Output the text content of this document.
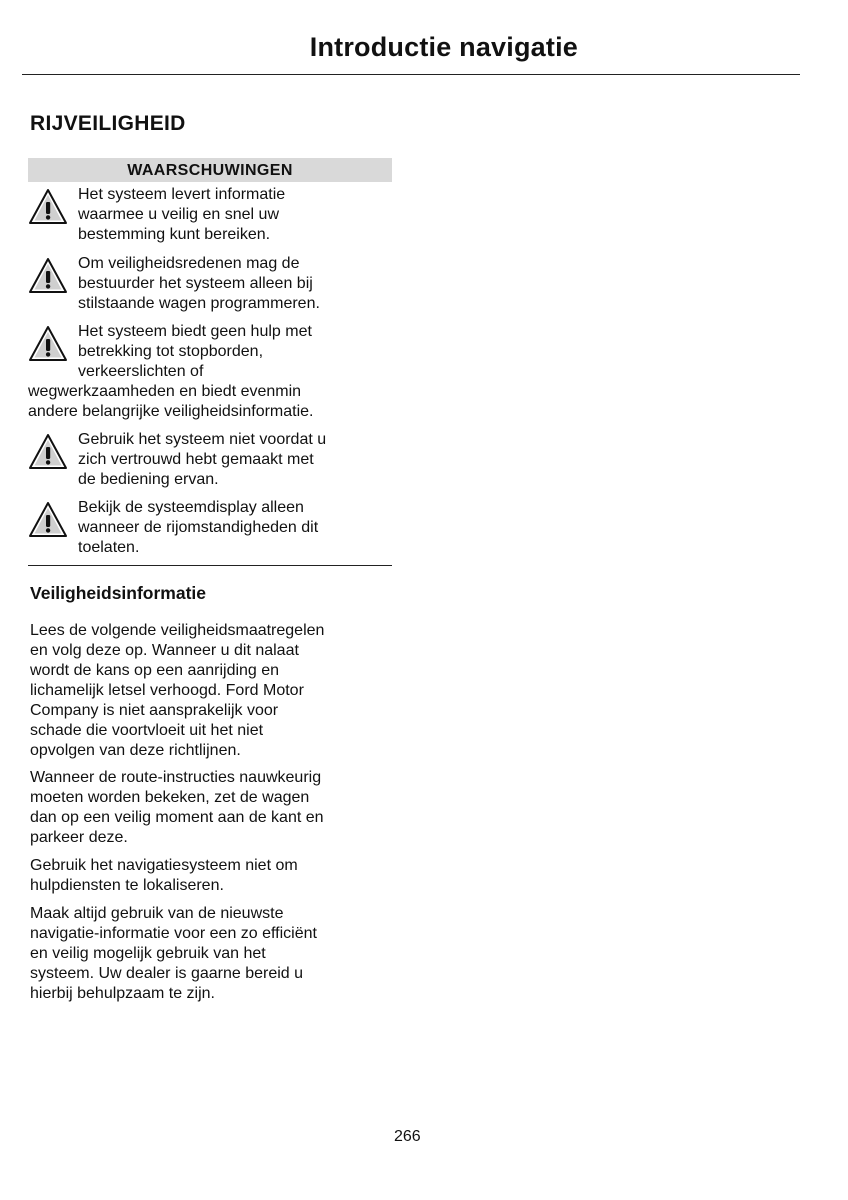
Introductie navigatie
RIJVEILIGHEID
WAARSCHUWINGEN

Het systeem levert informatie
waarmee u veilig en snel uw
bestemming kunt bereiken.

Om veiligheidsredenen mag de
bestuurder het systeem alleen bij
stilstaande wagen programmeren.

Het systeem biedt geen hulp met
betrekking tot stopborden,
verkeerslichten of
wegwerkzaamheden en biedt evenmin
andere belangrijke veiligheidsinformatie.

Gebruik het systeem niet voordat u
zich vertrouwd hebt gemaakt met
de bediening ervan.

Bekijk de systeemdisplay alleen
wanneer de rijomstandigheden dit
toelaten.

Veiligheidsinformatie

Lees de volgende veiligheidsmaatregelen
en volg deze op. Wanneer u dit nalaat
wordt de kans op een aanrijding en
lichamelijk letsel verhoogd. Ford Motor
Company is niet aansprakelijk voor
schade die voortvloeit uit het niet
opvolgen van deze richtlijnen.

Wanneer de route-instructies nauwkeurig
moeten worden bekeken, zet de wagen
dan op een veilig moment aan de kant en
parkeer deze.

Gebruik het navigatiesysteem niet om
hulpdiensten te lokaliseren.

Maak altijd gebruik van de nieuwste
navigatie-informatie voor een zo efficiënt
en veilig mogelijk gebruik van het
systeem. Uw dealer is gaarne bereid u
hierbij behulpzaam te zijn.

266
